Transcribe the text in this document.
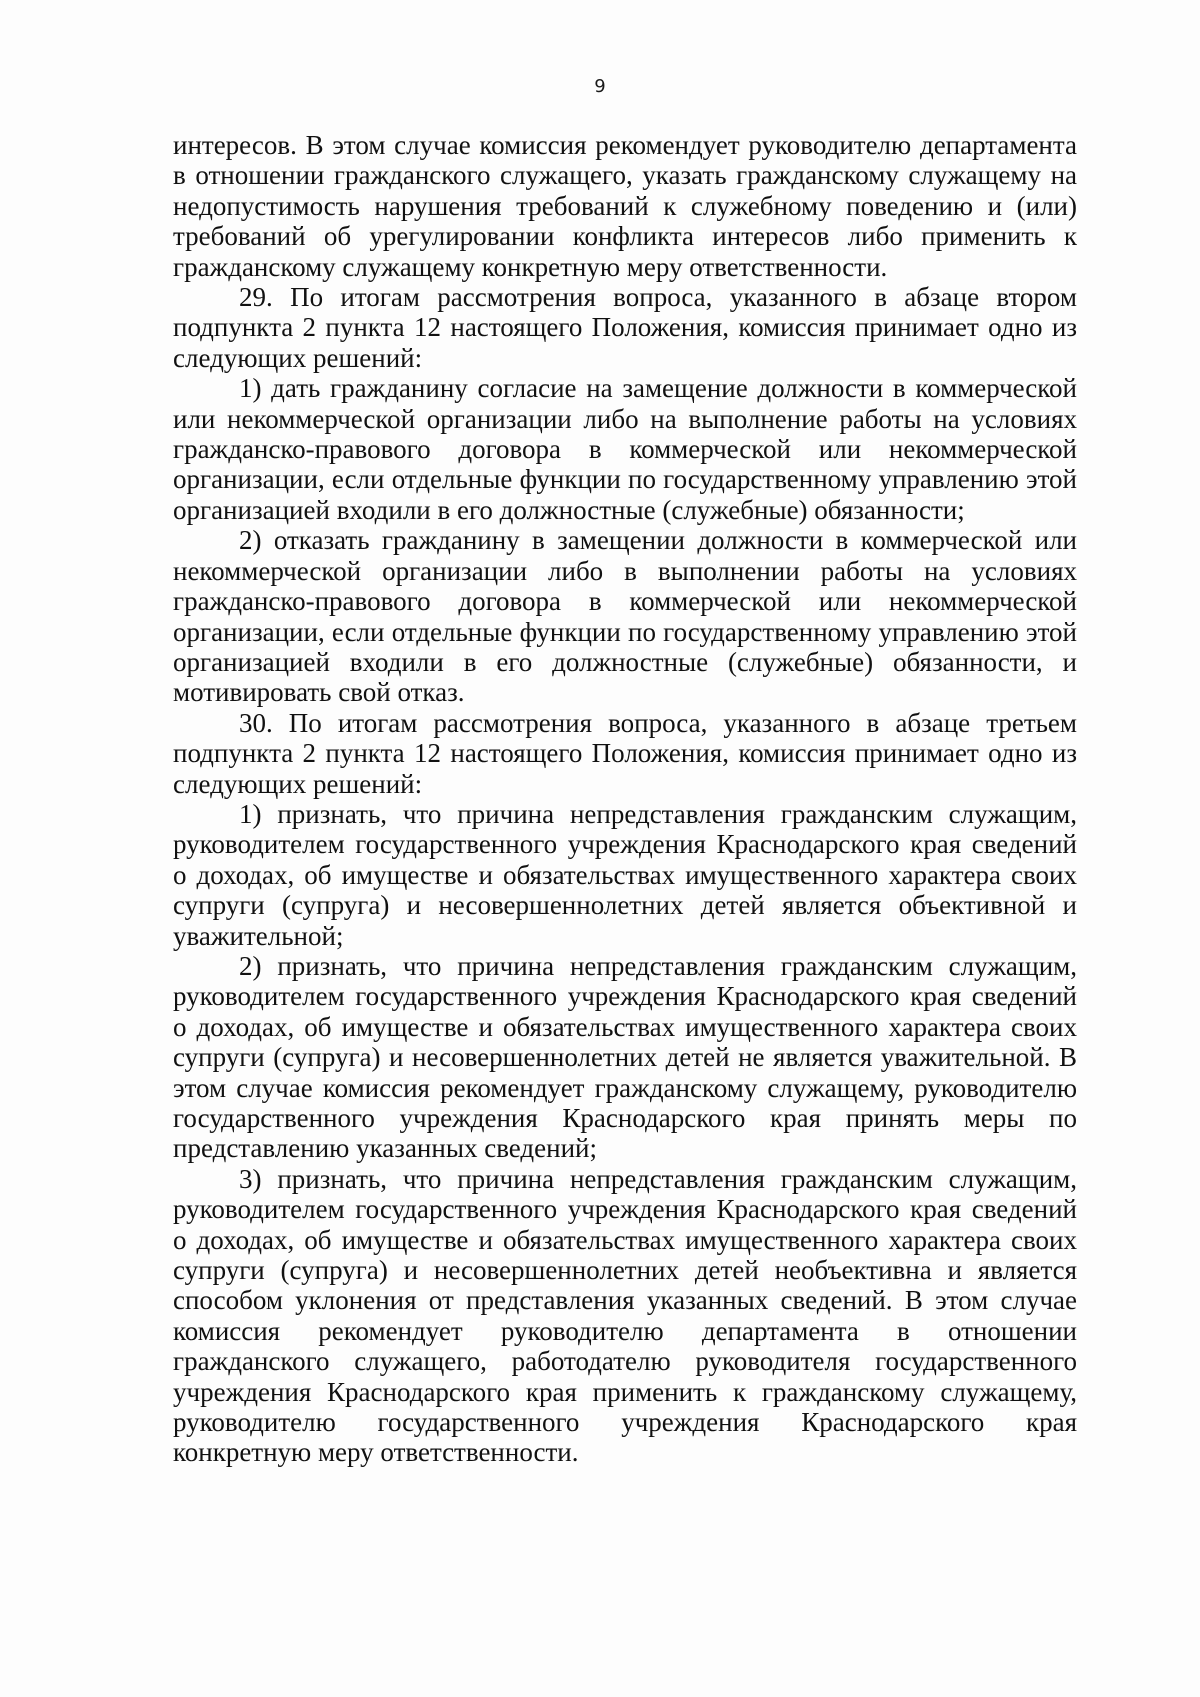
9

интересов. В этом случае комиссия рекомендует руководителю департамента в отношении гражданского служащего, указать гражданскому служащему на недопустимость нарушения требований к служебному поведению и (или) требований об урегулировании конфликта интересов либо применить к гражданскому служащему конкретную меру ответственности.

29. По итогам рассмотрения вопроса, указанного в абзаце втором подпункта 2 пункта 12 настоящего Положения, комиссия принимает одно из следующих решений:

1) дать гражданину согласие на замещение должности в коммерческой или некоммерческой организации либо на выполнение работы на условиях гражданско-правового договора в коммерческой или некоммерческой организации, если отдельные функции по государственному управлению этой организацией входили в его должностные (служебные) обязанности;

2) отказать гражданину в замещении должности в коммерческой или некоммерческой организации либо в выполнении работы на условиях гражданско-правового договора в коммерческой или некоммерческой организации, если отдельные функции по государственному управлению этой организацией входили в его должностные (служебные) обязанности, и мотивировать свой отказ.

30. По итогам рассмотрения вопроса, указанного в абзаце третьем подпункта 2 пункта 12 настоящего Положения, комиссия принимает одно из следующих решений:

1) признать, что причина непредставления гражданским служащим, руководителем государственного учреждения Краснодарского края сведений о доходах, об имуществе и обязательствах имущественного характера своих супруги (супруга) и несовершеннолетних детей является объективной и уважительной;

2) признать, что причина непредставления гражданским служащим, руководителем государственного учреждения Краснодарского края сведений о доходах, об имуществе и обязательствах имущественного характера своих супруги (супруга) и несовершеннолетних детей не является уважительной. В этом случае комиссия рекомендует гражданскому служащему, руководителю государственного учреждения Краснодарского края принять меры по представлению указанных сведений;

3) признать, что причина непредставления гражданским служащим, руководителем государственного учреждения Краснодарского края сведений о доходах, об имуществе и обязательствах имущественного характера своих супруги (супруга) и несовершеннолетних детей необъективна и является способом уклонения от представления указанных сведений. В этом случае комиссия рекомендует руководителю департамента в отношении гражданского служащего, работодателю руководителя государственного учреждения Краснодарского края применить к гражданскому служащему, руководителю государственного учреждения Краснодарского края конкретную меру ответственности.
